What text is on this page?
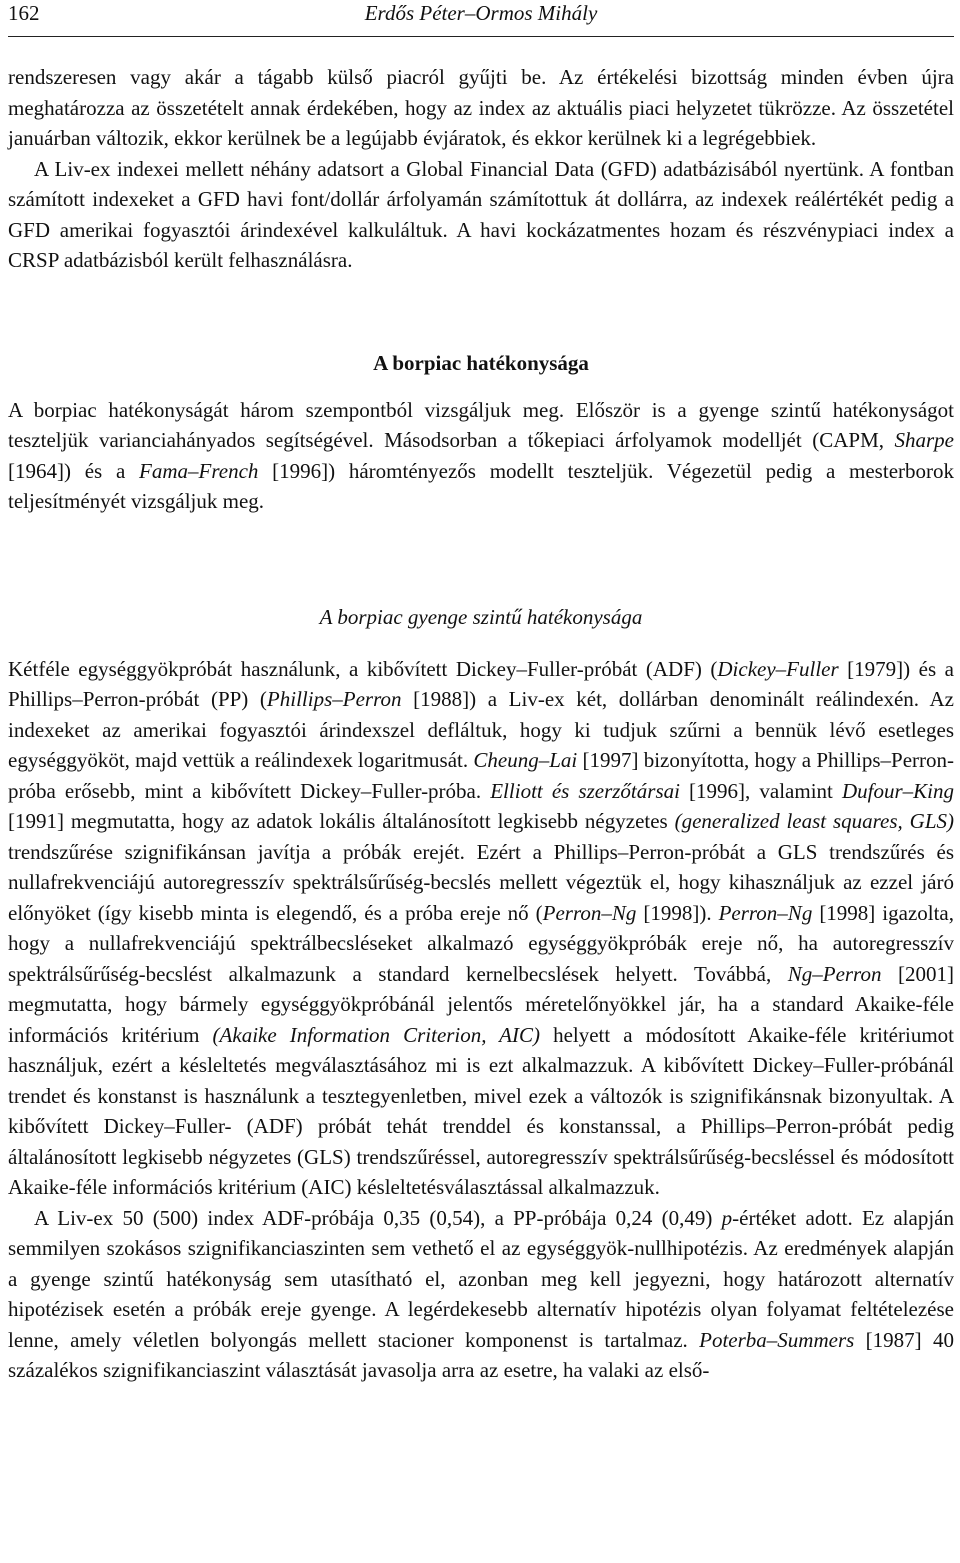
162	Erdős Péter–Ormos Mihály

rendszeresen vagy akár a tágabb külső piacról gyűjti be. Az értékelési bizottság minden évben újra meghatározza az összetételt annak érdekében, hogy az index az aktuális piaci helyzetet tükrözze. Az összetétel januárban változik, ekkor kerülnek be a legújabb évjáratok, és ekkor kerülnek ki a legrégebbiek.

A Liv-ex indexei mellett néhány adatsort a Global Financial Data (GFD) adatbázisából nyertünk. A fontban számított indexeket a GFD havi font/dollár árfolyamán számítottuk át dollárra, az indexek reálértékét pedig a GFD amerikai fogyasztói árindexével kalkuláltuk. A havi kockázatmentes hozam és részvénypiaci index a CRSP adatbázisból került felhasználásra.

A borpiac hatékonysága

A borpiac hatékonyságát három szempontból vizsgáljuk meg. Először is a gyenge szintű hatékonyságot teszteljük varianciahányados segítségével. Másodsorban a tőkepiaci árfolyamok modelljét (CAPM, Sharpe [1964]) és a Fama–French [1996]) háromtényezős modellt teszteljük. Végezetül pedig a mesterborok teljesítményét vizsgáljuk meg.

A borpiac gyenge szintű hatékonysága

Kétféle egységgyökpróbát használunk, a kibővített Dickey–Fuller-próbát (ADF) (Dickey–Fuller [1979]) és a Phillips–Perron-próbát (PP) (Phillips–Perron [1988]) a Liv-ex két, dollárban denominált reálindexén. Az indexeket az amerikai fogyasztói árindexszel defláltuk, hogy ki tudjuk szűrni a bennük lévő esetleges egységgyököt, majd vettük a reálindexek logaritmusát. Cheung–Lai [1997] bizonyította, hogy a Phillips–Perron-próba erősebb, mint a kibővített Dickey–Fuller-próba. Elliott és szerzőtársai [1996], valamint Dufour–King [1991] megmutatta, hogy az adatok lokális általánosított legkisebb négyzetes (generalized least squares, GLS) trendszűrése szignifikánsan javítja a próbák erejét. Ezért a Phillips–Perron-próbát a GLS trendszűrés és nullafrekvenciájú autoregresszív spektrálsűrűség-becslés mellett végeztük el, hogy kihasználjuk az ezzel járó előnyöket (így kisebb minta is elegendő, és a próba ereje nő (Perron–Ng [1998]). Perron–Ng [1998] igazolta, hogy a nullafrekvenciájú spektrálbecsléseket alkalmazó egységgyökpróbák ereje nő, ha autoregresszív spektrálsűrűség-becslést alkalmazunk a standard kernelbecslések helyett. Továbbá, Ng–Perron [2001] megmutatta, hogy bármely egységgyökpróbánál jelentős méretelőnyökkel jár, ha a standard Akaike-féle információs kritérium (Akaike Information Criterion, AIC) helyett a módosított Akaike-féle kritériumot használjuk, ezért a késleltetés megválasztásához mi is ezt alkalmazzuk. A kibővített Dickey–Fuller-próbánál trendet és konstanst is használunk a tesztegyenletben, mivel ezek a változók is szignifikánsnak bizonyultak. A kibővített Dickey–Fuller- (ADF) próbát tehát trenddel és konstanssal, a Phillips–Perron-próbát pedig általánosított legkisebb négyzetes (GLS) trendszűréssel, autoregresszív spektrálsűrűség-becsléssel és módosított Akaike-féle információs kritérium (AIC) késleltetésválasztással alkalmazzuk.

A Liv-ex 50 (500) index ADF-próbája 0,35 (0,54), a PP-próbája 0,24 (0,49) p-értéket adott. Ez alapján semmilyen szokásos szignifikanciaszinten sem vethető el az egységgyök-nullhipotézis. Az eredmények alapján a gyenge szintű hatékonyság sem utasítható el, azonban meg kell jegyezni, hogy határozott alternatív hipotézisek esetén a próbák ereje gyenge. A legérdekesebb alternatív hipotézis olyan folyamat feltételezése lenne, amely véletlen bolyongás mellett stacioner komponenst is tartalmaz. Poterba–Summers [1987] 40 százalékos szignifikanciaszint választását javasolja arra az esetre, ha valaki az első-
